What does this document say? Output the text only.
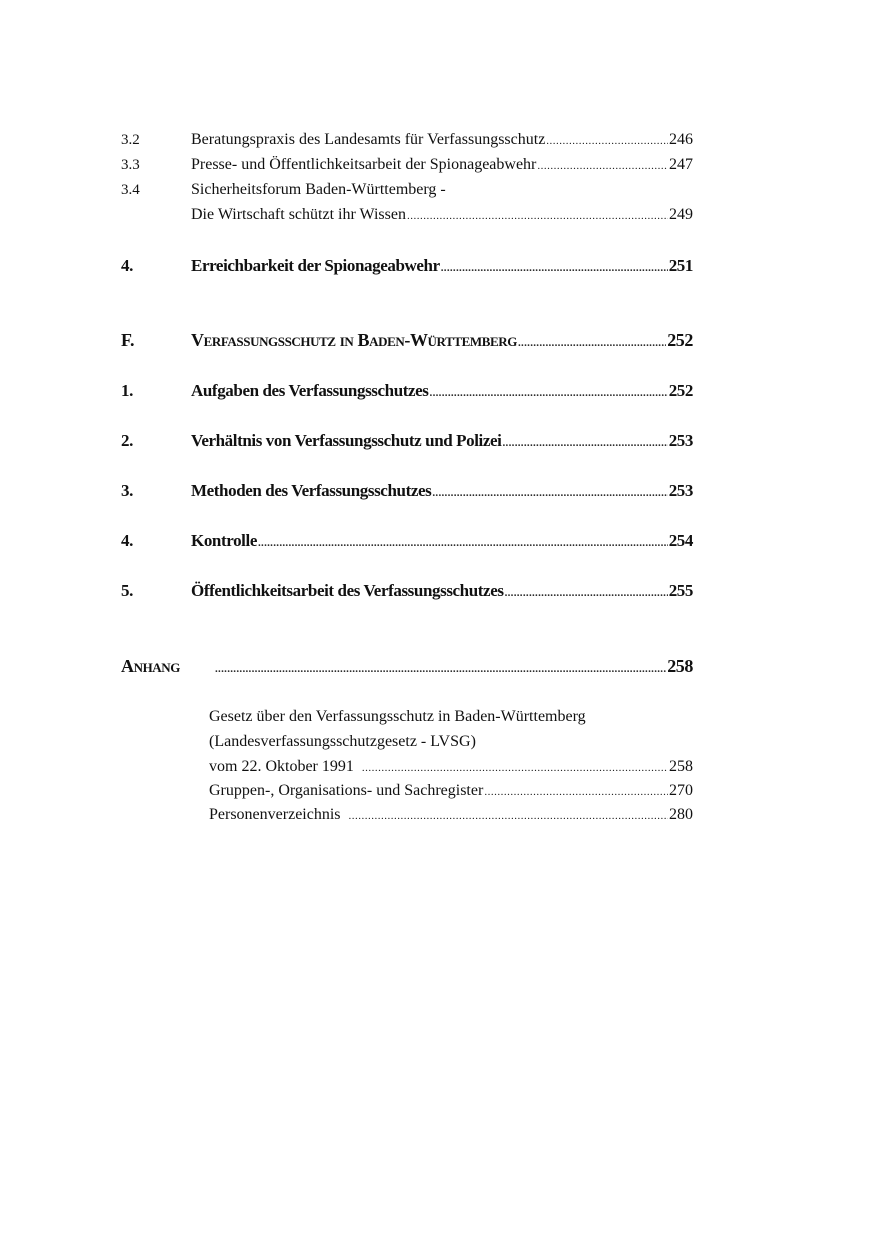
3.2	Beratungspraxis des Landesamts für Verfassungsschutz .....	246
3.3	Presse- und Öffentlichkeitsarbeit der Spionageabwehr .....	247
3.4	Sicherheitsforum Baden-Württemberg -
Die Wirtschaft schützt ihr Wissen .....	249
4.	Erreichbarkeit der Spionageabwehr .....	251
F.	Verfassungsschutz in Baden-Württemberg .....	252
1.	Aufgaben des Verfassungsschutzes .....	252
2.	Verhältnis von Verfassungsschutz und Polizei .....	253
3.	Methoden des Verfassungsschutzes .....	253
4.	Kontrolle .....	254
5.	Öffentlichkeitsarbeit des Verfassungsschutzes .....	255
Anhang .....	258
Gesetz über den Verfassungsschutz in Baden-Württemberg
(Landesverfassungsschutzgesetz - LVSG)
vom 22. Oktober 1991 .....	258
Gruppen-, Organisations- und Sachregister .....	270
Personenverzeichnis .....	280
